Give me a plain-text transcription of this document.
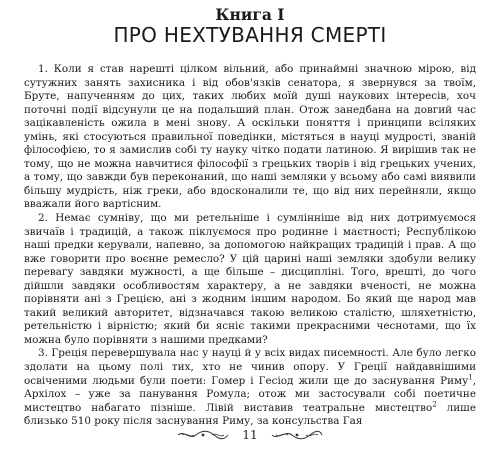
Книга I
ПРО НЕХТУВАННЯ СМЕРТІ

1. Коли я став нарешті цілком вільний, або принаймні значною мірою, від сутужних занять захисника і від обов'язків сенатора, я звернувся за твоїм, Бруте, напученням до цих, таких любих моїй душі наукових інтересів, хоч поточні події відсунули це на подальший план. Отож занедбана на довгий час зацікавленість ожила в мені знову. А оскільки поняття і принципи всіляких умінь, які стосуються правильної поведінки, містяться в науці мудрості, званій філософією, то я замислив собі ту науку чітко подати латиною. Я вирішив так не тому, що не можна навчитися філософії з грецьких творів і від грецьких учених, а тому, що завжди був переконаний, що наші земляки у всьому або самі виявили більшу мудрість, ніж греки, або вдосконалили те, що від них перейняли, якщо вважали його вартісним.

2. Немає сумніву, що ми ретельніше і сумлінніше від них дотримуємося звичаїв і традицій, а також піклуємося про родинне і маєтності; Республікою наші предки керували, напевно, за допомогою найкращих традицій і прав. А що вже говорити про воєнне ремесло? У цій царині наші земляки здобули велику перевагу завдяки мужності, а ще більше – дисципліні. Того, врешті, до чого дійшли завдяки особливостям характеру, а не завдяки вченості, не можна порівняти ані з Грецією, ані з жодним іншим народом. Бо який ще народ мав такий великий авторитет, відзначався такою великою сталістю, шляхетністю, ретельністю і вірністю; який би ясніє такими прекрасними чеснотами, що їх можна було порівняти з нашими предками?

3. Греція перевершувала нас у науці й у всіх видах писемності. Але було легко здолати на цьому полі тих, хто не чинив опору. У Греції найдавнішими освіченими людьми були поети: Гомер і Гесіод жили ще до заснування Риму$^1$, Архілох – уже за панування Ромула; отож ми застосували собі поетичне мистецтво набагато пізніше. Лівій виставив театральне мистецтво$^2$ лише близько 510 року після заснування Риму, за консульства Гая

11
